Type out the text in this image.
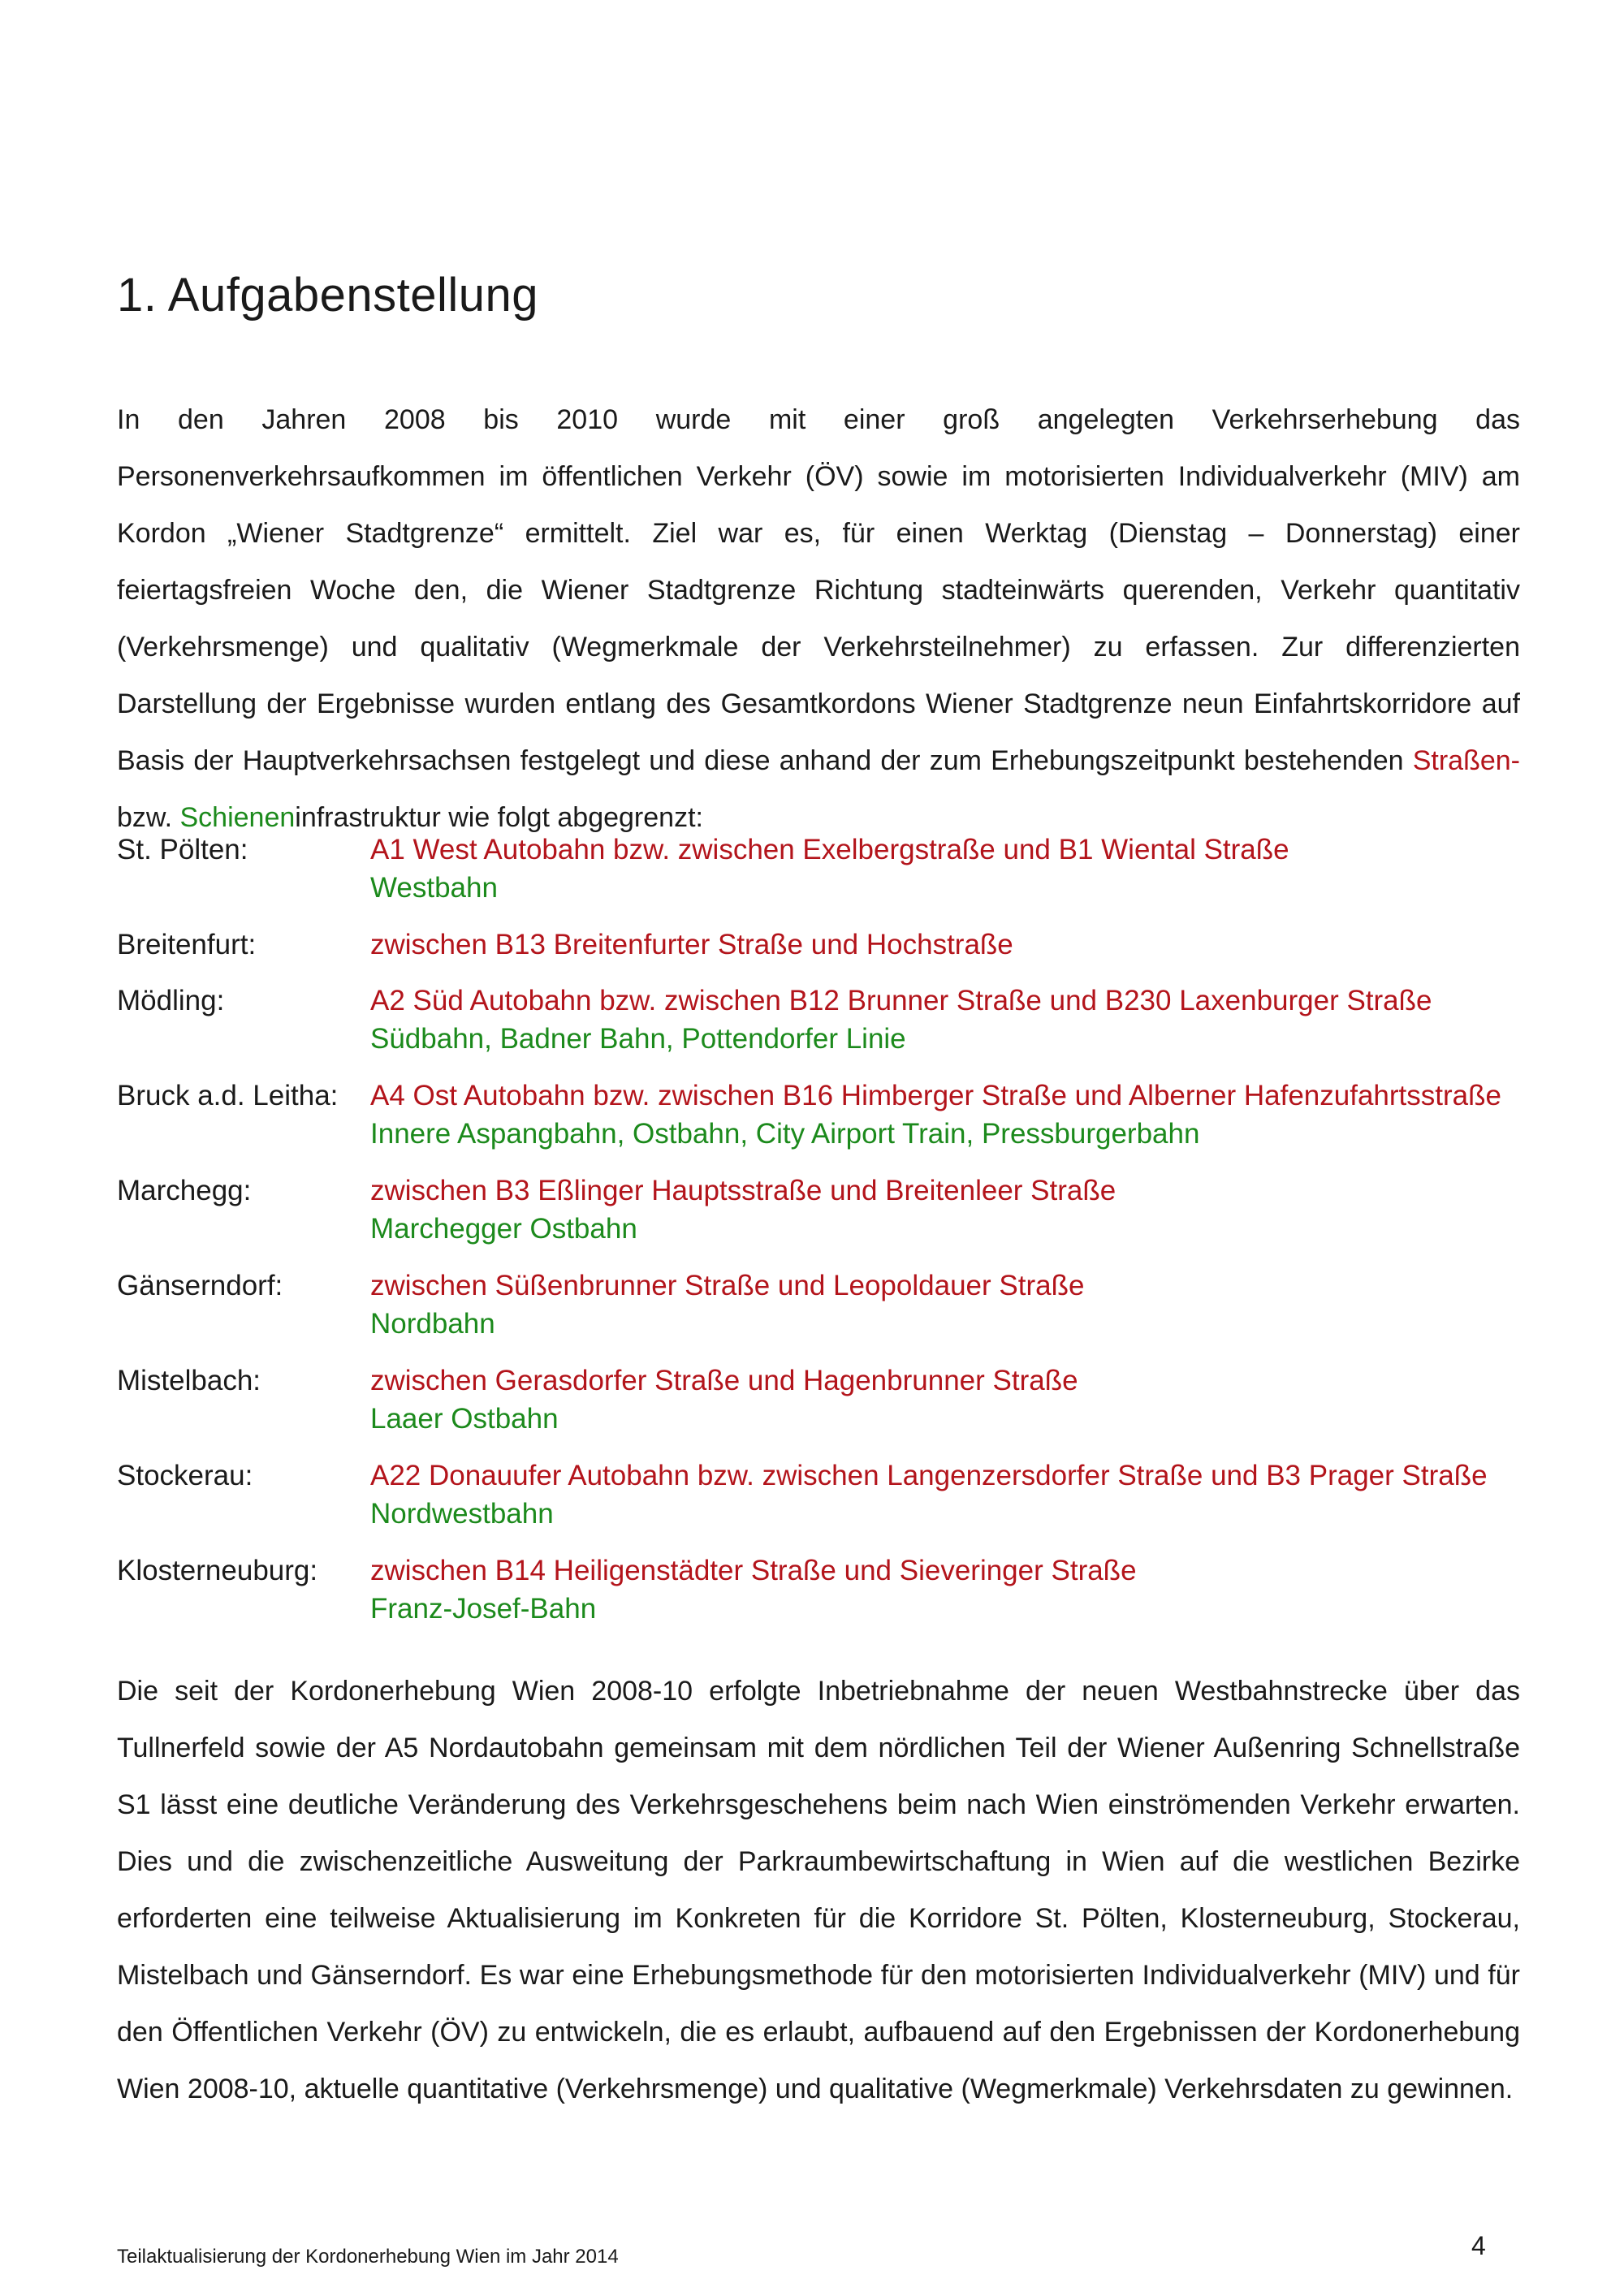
1. Aufgabenstellung

In den Jahren 2008 bis 2010 wurde mit einer groß angelegten Verkehrserhebung das Personenverkehrsaufkommen im öffentlichen Verkehr (ÖV) sowie im motorisierten Individualverkehr (MIV) am Kordon „Wiener Stadtgrenze“ ermittelt. Ziel war es, für einen Werktag (Dienstag – Donnerstag) einer feiertagsfreien Woche den, die Wiener Stadtgrenze Richtung stadteinwärts querenden, Verkehr quantitativ (Verkehrsmenge) und qualitativ (Wegmerkmale der Verkehrsteilnehmer) zu erfassen. Zur differenzierten Darstellung der Ergebnisse wurden entlang des Gesamtkordons Wiener Stadtgrenze neun Einfahrtskorridore auf Basis der Hauptverkehrsachsen festgelegt und diese anhand der zum Erhebungszeitpunkt bestehenden Straßen- bzw. Schieneninfrastruktur wie folgt abgegrenzt:

St. Pölten:	A1 West Autobahn bzw. zwischen Exelbergstraße und B1 Wiental Straße
Westbahn
Breitenfurt:	zwischen B13 Breitenfurter Straße und Hochstraße
Mödling:	A2 Süd Autobahn bzw. zwischen B12 Brunner Straße und B230 Laxenburger Straße
Südbahn, Badner Bahn, Pottendorfer Linie
Bruck a.d. Leitha:	A4 Ost Autobahn bzw. zwischen B16 Himberger Straße und Alberner Hafenzufahrtsstraße
Innere Aspangbahn, Ostbahn, City Airport Train, Pressburgerbahn
Marchegg:	zwischen B3 Eßlinger Hauptsstraße und Breitenleer Straße
Marchegger Ostbahn
Gänserndorf:	zwischen Süßenbrunner Straße und Leopoldauer Straße
Nordbahn
Mistelbach:	zwischen Gerasdorfer Straße und Hagenbrunner Straße
Laaer Ostbahn
Stockerau:	A22 Donauufer Autobahn bzw. zwischen Langenzersdorfer Straße und B3 Prager Straße
Nordwestbahn
Klosterneuburg:	zwischen B14 Heiligenstädter Straße und Sieveringer Straße
Franz-Josef-Bahn

Die seit der Kordonerhebung Wien 2008-10 erfolgte Inbetriebnahme der neuen Westbahnstrecke über das Tullnerfeld sowie der A5 Nordautobahn gemeinsam mit dem nördlichen Teil der Wiener Außenring Schnellstraße S1 lässt eine deutliche Veränderung des Verkehrsgeschehens beim nach Wien einströmenden Verkehr erwarten. Dies und die zwischenzeitliche Ausweitung der Parkraumbewirtschaftung in Wien auf die westlichen Bezirke erforderten eine teilweise Aktualisierung im Konkreten für die Korridore St. Pölten, Klosterneuburg, Stockerau, Mistelbach und Gänserndorf. Es war eine Erhebungsmethode für den motorisierten Individualverkehr (MIV) und für den Öffentlichen Verkehr (ÖV) zu entwickeln, die es erlaubt, aufbauend auf den Ergebnissen der Kordonerhebung Wien 2008-10, aktuelle quantitative (Verkehrsmenge) und qualitative (Wegmerkmale) Verkehrsdaten zu gewinnen.

Teilaktualisierung der Kordonerhebung Wien im Jahr 2014	4
